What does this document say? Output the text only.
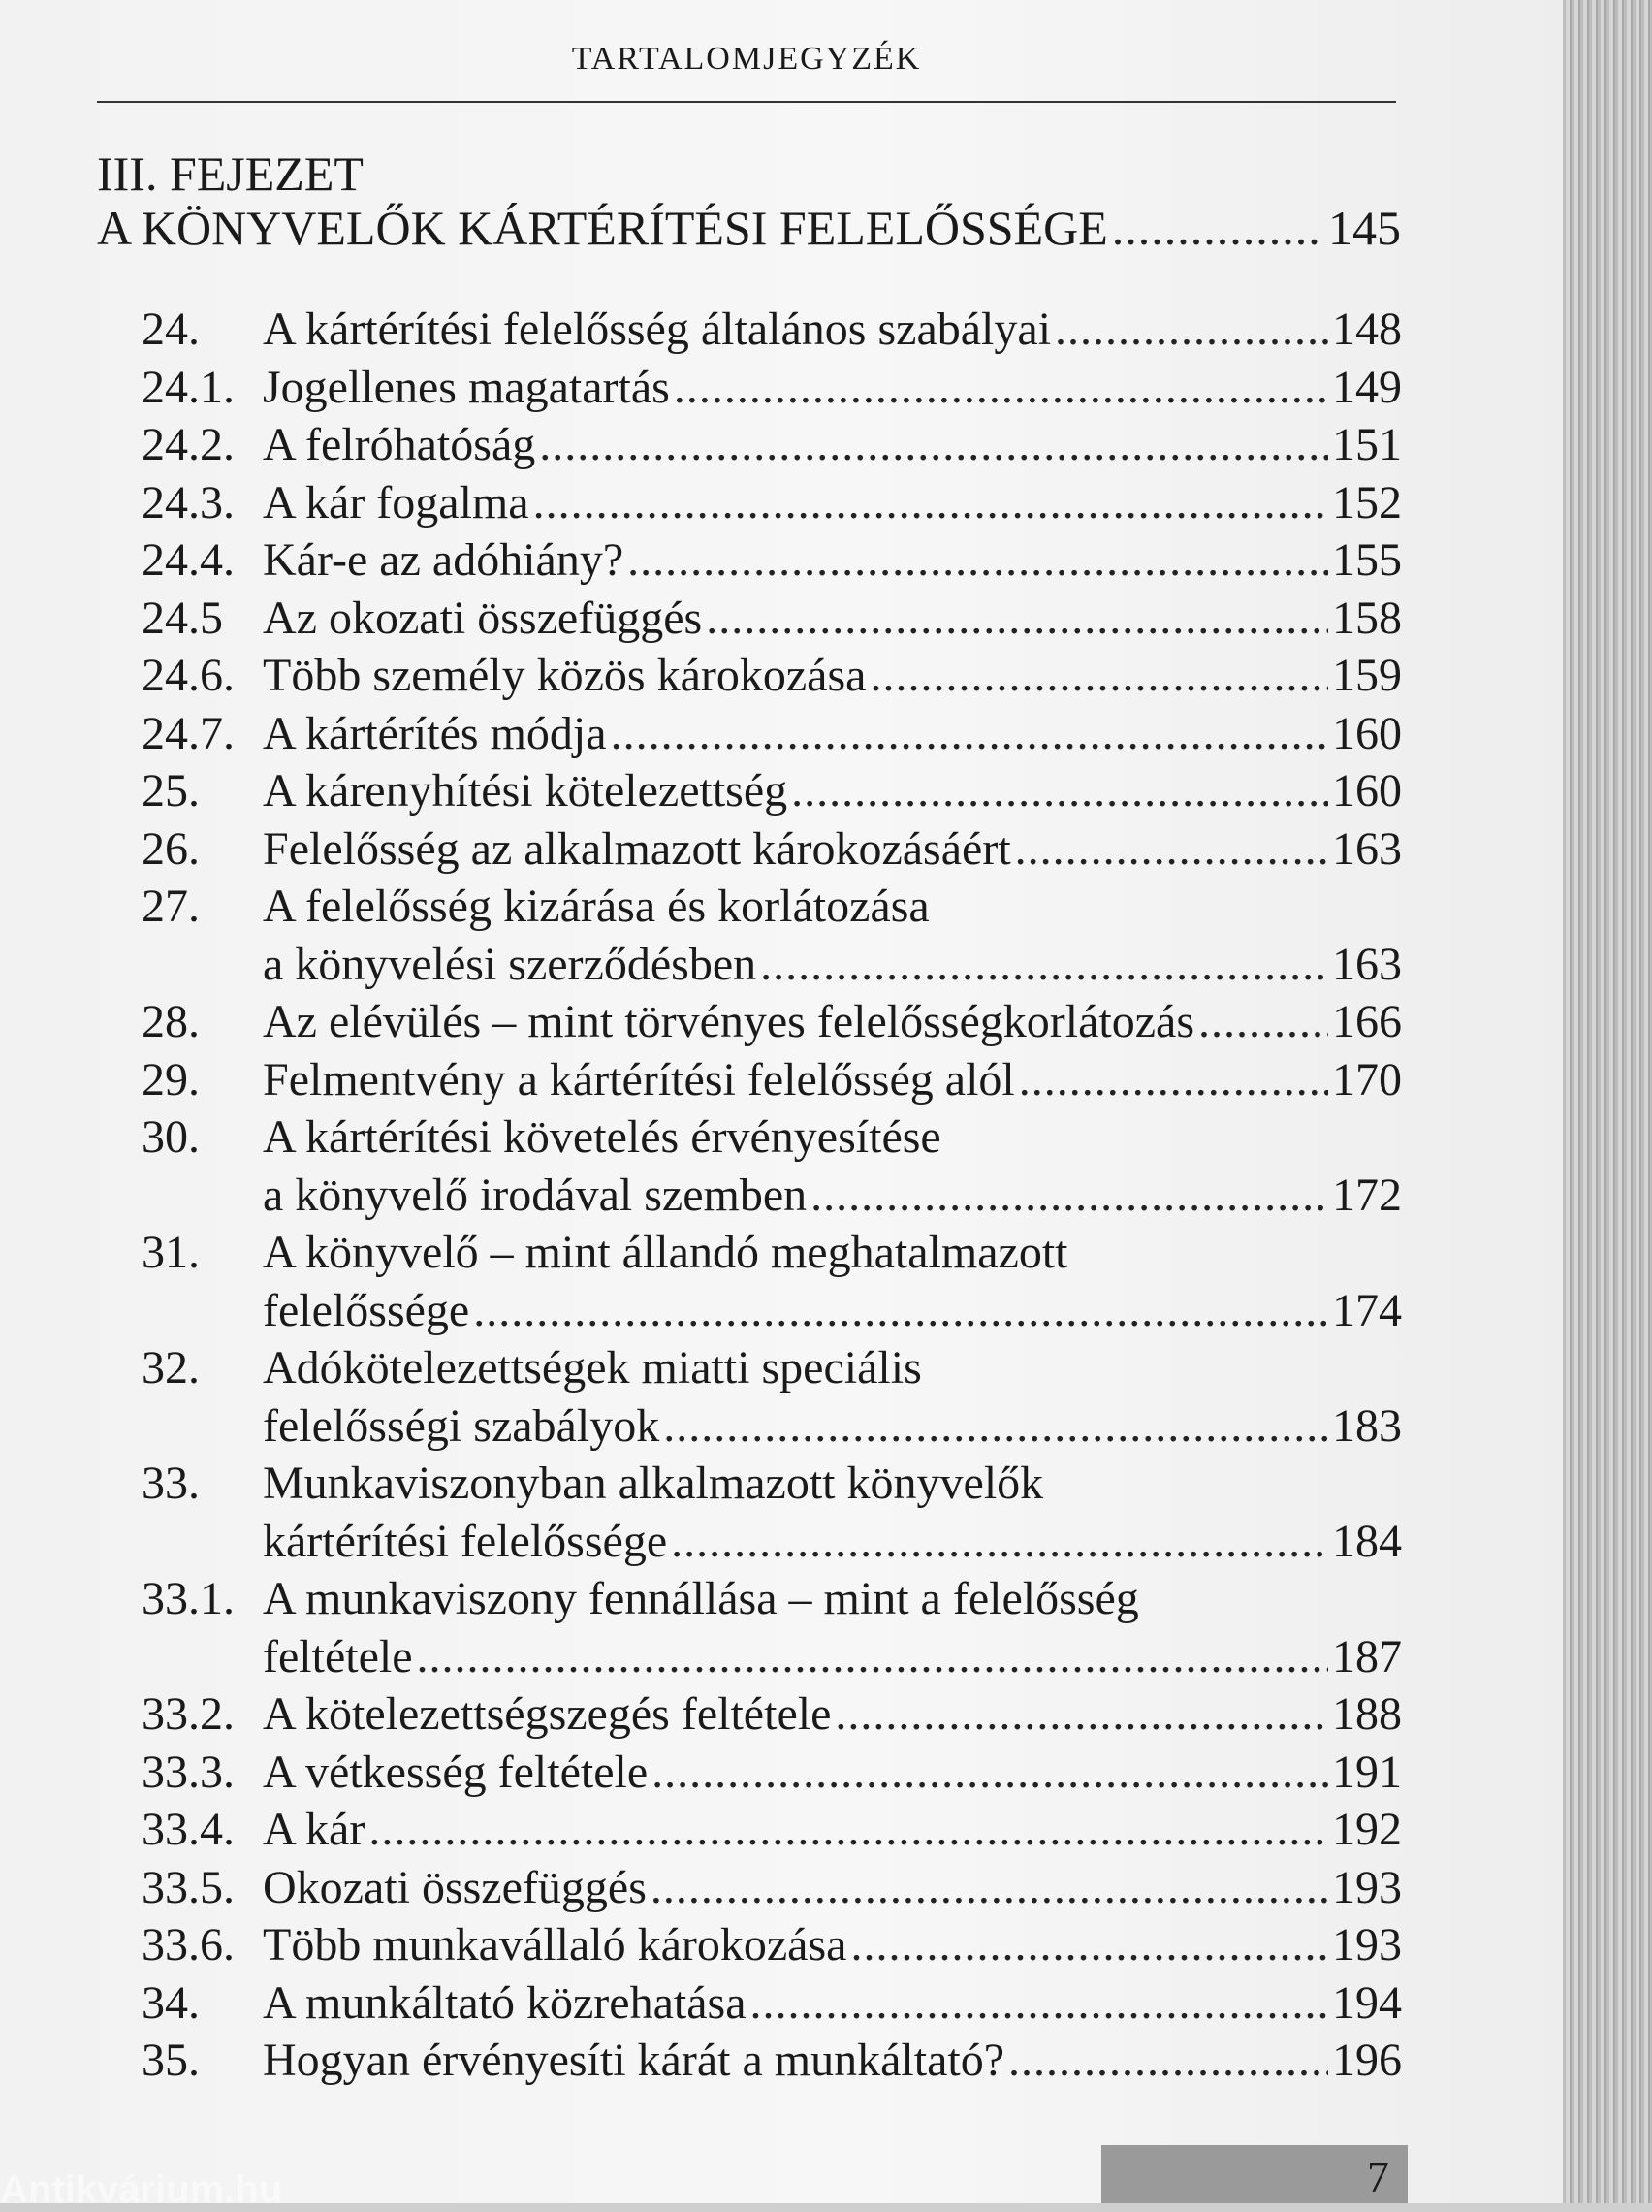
TARTALOMJEGYZÉK
III. FEJEZET
A KÖNYVELŐK KÁRTÉRÍTÉSI FELELŐSSÉGE .....	145
24.	A kártérítési felelősség általános szabályai .....	148
24.1. Jogellenes magatartás .....	149
24.2. A felróhatóság .....	151
24.3. A kár fogalma .....	152
24.4. Kár-e az adóhiány? .....	155
24.5 Az okozati összefüggés .....	158
24.6. Több személy közös károkozása .....	159
24.7. A kártérítés módja .....	160
25.	A kárenyhítési kötelezettség .....	160
26.	Felelősség az alkalmazott károkozásáért .....	163
27.	A felelősség kizárása és korlátozása
a könyvelési szerződésben .....	163
28.	Az elévülés – mint törvényes felelősségkorlátozás .....	166
29.	Felmentvény a kártérítési felelősség alól .....	170
30.	A kártérítési követelés érvényesítése
a könyvelő irodával szemben .....	172
31.	A könyvelő – mint állandó meghatalmazott
felelőssége .....	174
32.	Adókötelezettségek miatti speciális
felelősségi szabályok .....	183
33.	Munkaviszonyban alkalmazott könyvelők
kártérítési felelőssége .....	184
33.1. A munkaviszony fennállása – mint a felelősség
feltétele .....	187
33.2. A kötelezettségszegés feltétele .....	188
33.3. A vétkesség feltétele .....	191
33.4. A kár .....	192
33.5. Okozati összefüggés .....	193
33.6. Több munkavállaló károkozása .....	193
34.	A munkáltató közrehatása .....	194
35.	Hogyan érvényesíti kárát a munkáltató? .....	196
7
Antikvárium.hu
